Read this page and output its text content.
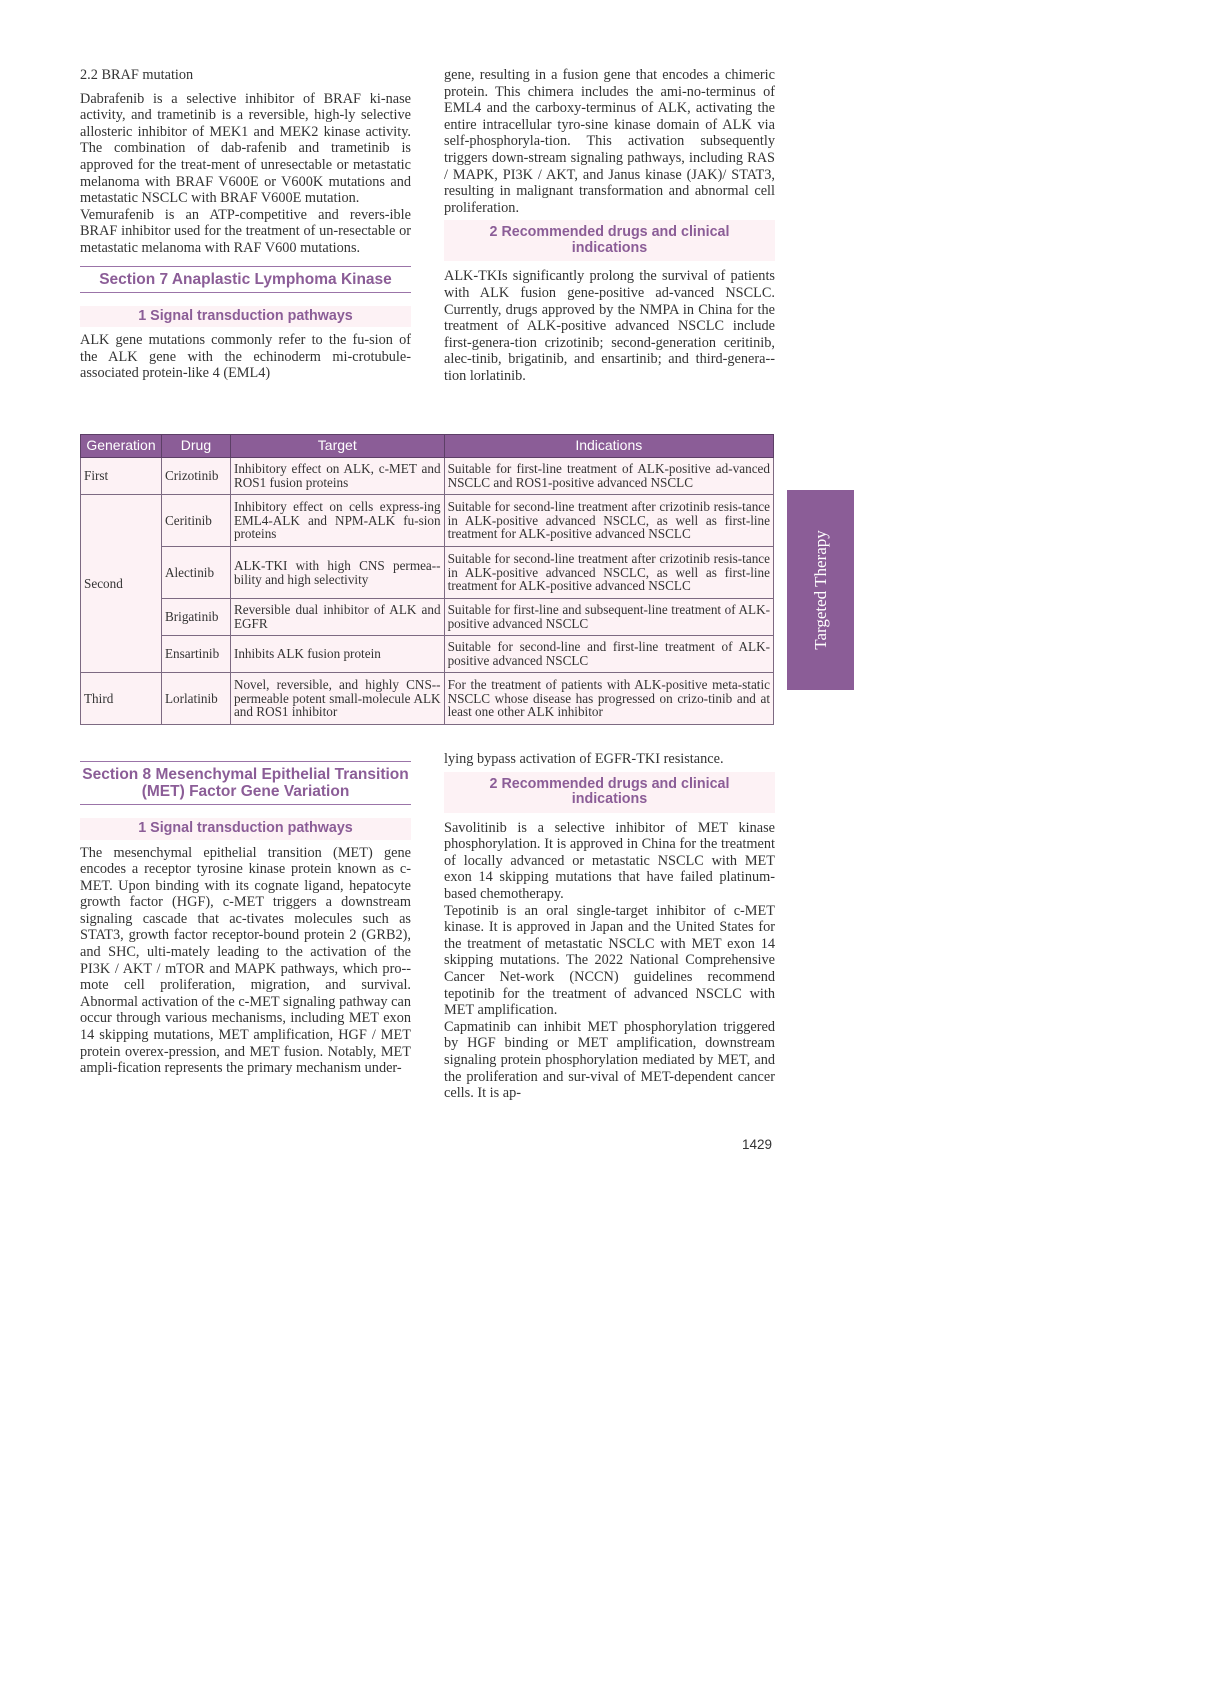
2.2 BRAF mutation

Dabrafenib is a selective inhibitor of BRAF ki-nase activity, and trametinib is a reversible, high-ly selective allosteric inhibitor of MEK1 and MEK2 kinase activity. The combination of dab-rafenib and trametinib is approved for the treat-ment of unresectable or metastatic melanoma with BRAF V600E or V600K mutations and metastatic NSCLC with BRAF V600E mutation.

Vemurafenib is an ATP-competitive and revers-ible BRAF inhibitor used for the treatment of un-resectable or metastatic melanoma with RAF V600 mutations.

Section 7 Anaplastic Lymphoma Kinase
1 Signal transduction pathways

ALK gene mutations commonly refer to the fu-sion of the ALK gene with the echinoderm mi-crotubule-associated protein-like 4 (EML4)

gene, resulting in a fusion gene that encodes a chimeric protein. This chimera includes the ami-no-terminus of EML4 and the carboxy-terminus of ALK, activating the entire intracellular tyro-sine kinase domain of ALK via self-phosphoryla-tion. This activation subsequently triggers down-stream signaling pathways, including RAS / MAPK, PI3K / AKT, and Janus kinase (JAK)/ STAT3, resulting in malignant transformation and abnormal cell proliferation.

2 Recommended drugs and clinical indications

ALK-TKIs significantly prolong the survival of patients with ALK fusion gene-positive ad-vanced NSCLC. Currently, drugs approved by the NMPA in China for the treatment of ALK-positive advanced NSCLC include first-genera-tion crizotinib; second-generation ceritinib, alec-tinib, brigatinib, and ensartinib; and third-genera-tion lorlatinib.

Generation	Drug	Target	Indications
First	Crizotinib	Inhibitory effect on ALK, c-MET and ROS1 fusion proteins	Suitable for first-line treatment of ALK-positive ad-vanced NSCLC and ROS1-positive advanced NSCLC
Second	Ceritinib	Inhibitory effect on cells express-ing EML4-ALK and NPM-ALK fu-sion proteins	Suitable for second-line treatment after crizotinib resis-tance in ALK-positive advanced NSCLC, as well as first-line treatment for ALK-positive advanced NSCLC
	Alectinib	ALK-TKI with high CNS permea-bility and high selectivity	Suitable for second-line treatment after crizotinib resis-tance in ALK-positive advanced NSCLC, as well as first-line treatment for ALK-positive advanced NSCLC
	Brigatinib	Reversible dual inhibitor of ALK and EGFR	Suitable for first-line and subsequent-line treatment of ALK-positive advanced NSCLC
	Ensartinib	Inhibits ALK fusion protein	Suitable for second-line and first-line treatment of ALK-positive advanced NSCLC
Third	Lorlatinib	Novel, reversible, and highly CNS-permeable potent small-molecule ALK and ROS1 inhibitor	For the treatment of patients with ALK-positive meta-static NSCLC whose disease has progressed on crizo-tinib and at least one other ALK inhibitor
Targeted Therapy
Section 8 Mesenchymal Epithelial Transition (MET) Factor Gene Variation
1 Signal transduction pathways

The mesenchymal epithelial transition (MET) gene encodes a receptor tyrosine kinase protein known as c-MET. Upon binding with its cognate ligand, hepatocyte growth factor (HGF), c-MET triggers a downstream signaling cascade that ac-tivates molecules such as STAT3, growth factor receptor-bound protein 2 (GRB2), and SHC, ulti-mately leading to the activation of the PI3K / AKT / mTOR and MAPK pathways, which pro-mote cell proliferation, migration, and survival. Abnormal activation of the c-MET signaling pathway can occur through various mechanisms, including MET exon 14 skipping mutations, MET amplification, HGF / MET protein overex-pression, and MET fusion. Notably, MET ampli-fication represents the primary mechanism under-

lying bypass activation of EGFR-TKI resistance.

2 Recommended drugs and clinical indications

Savolitinib is a selective inhibitor of MET kinase phosphorylation. It is approved in China for the treatment of locally advanced or metastatic NSCLC with MET exon 14 skipping mutations that have failed platinum-based chemotherapy.

Tepotinib is an oral single-target inhibitor of c-MET kinase. It is approved in Japan and the United States for the treatment of metastatic NSCLC with MET exon 14 skipping mutations. The 2022 National Comprehensive Cancer Net-work (NCCN) guidelines recommend tepotinib for the treatment of advanced NSCLC with MET amplification.

Capmatinib can inhibit MET phosphorylation triggered by HGF binding or MET amplification, downstream signaling protein phosphorylation mediated by MET, and the proliferation and sur-vival of MET-dependent cancer cells. It is ap-

1429
